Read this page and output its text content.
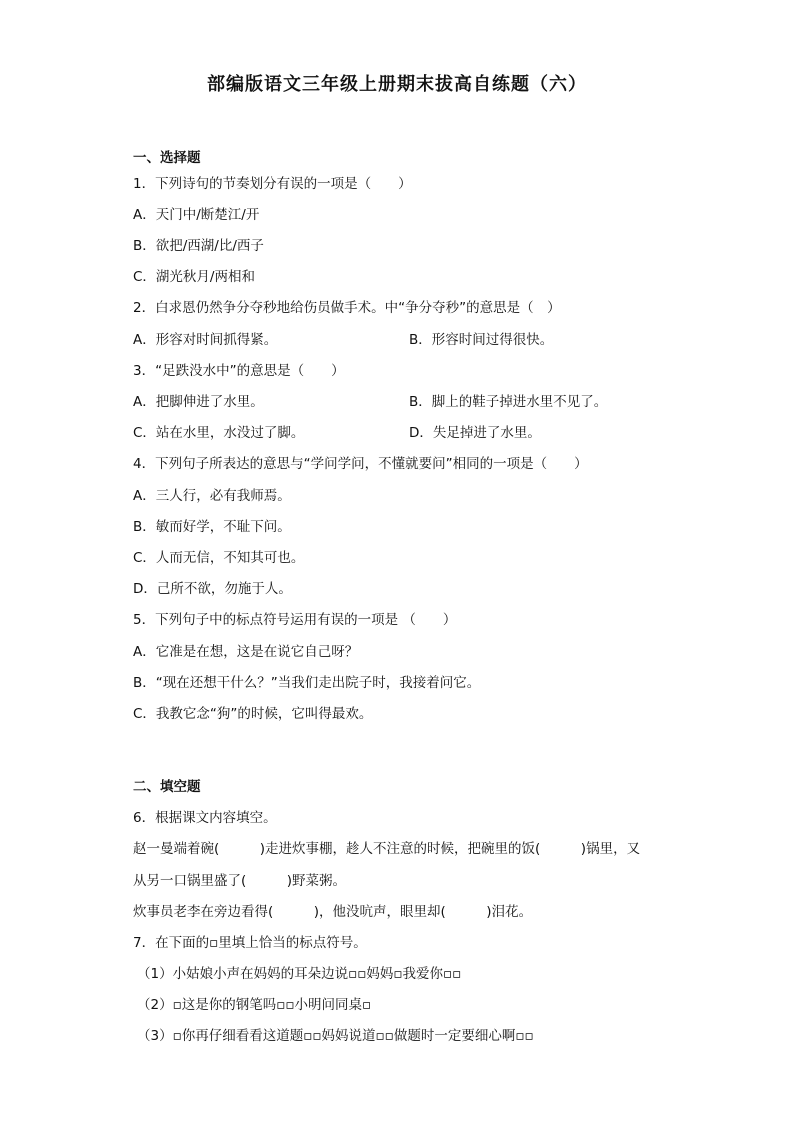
部编版语文三年级上册期末拔高自练题（六）
一、选择题
1．下列诗句的节奏划分有误的一项是（　　）
A．天门中/断楚江/开
B．欲把/西湖/比/西子
C．湖光秋月/两相和
2．白求恩仍然争分夺秒地给伤员做手术。中“争分夺秒”的意思是（　）
A．形容对时间抓得紧。	B．形容时间过得很快。
3．“足跌没水中”的意思是（　　）
A．把脚伸进了水里。	B．脚上的鞋子掉进水里不见了。
C．站在水里，水没过了脚。	D．失足掉进了水里。
4．下列句子所表达的意思与“学问学问，不懂就要问”相同的一项是（　　）
A．三人行，必有我师焉。
B．敏而好学，不耻下问。
C．人而无信，不知其可也。
D．己所不欲，勿施于人。
5．下列句子中的标点符号运用有误的一项是 （　　）
A．它准是在想，这是在说它自己呀？
B．“现在还想干什么？”当我们走出院子时，我接着问它。
C．我教它念“狗”的时候，它叫得最欢。
二、填空题
6．根据课文内容填空。
赵一曼端着碗(　　　)走进炊事棚，趁人不注意的时候，把碗里的饭(　　　)锅里，又
从另一口锅里盛了(　　　)野菜粥。
炊事员老李在旁边看得(　　　)，他没吭声，眼里却(　　　)泪花。
7．在下面的▫里填上恰当的标点符号。
（1）小姑娘小声在妈妈的耳朵边说▫▫妈妈▫我爱你▫▫
（2）▫这是你的钢笔吗▫▫小明问同桌▫
（3）▫你再仔细看看这道题▫▫妈妈说道▫▫做题时一定要细心啊▫▫
